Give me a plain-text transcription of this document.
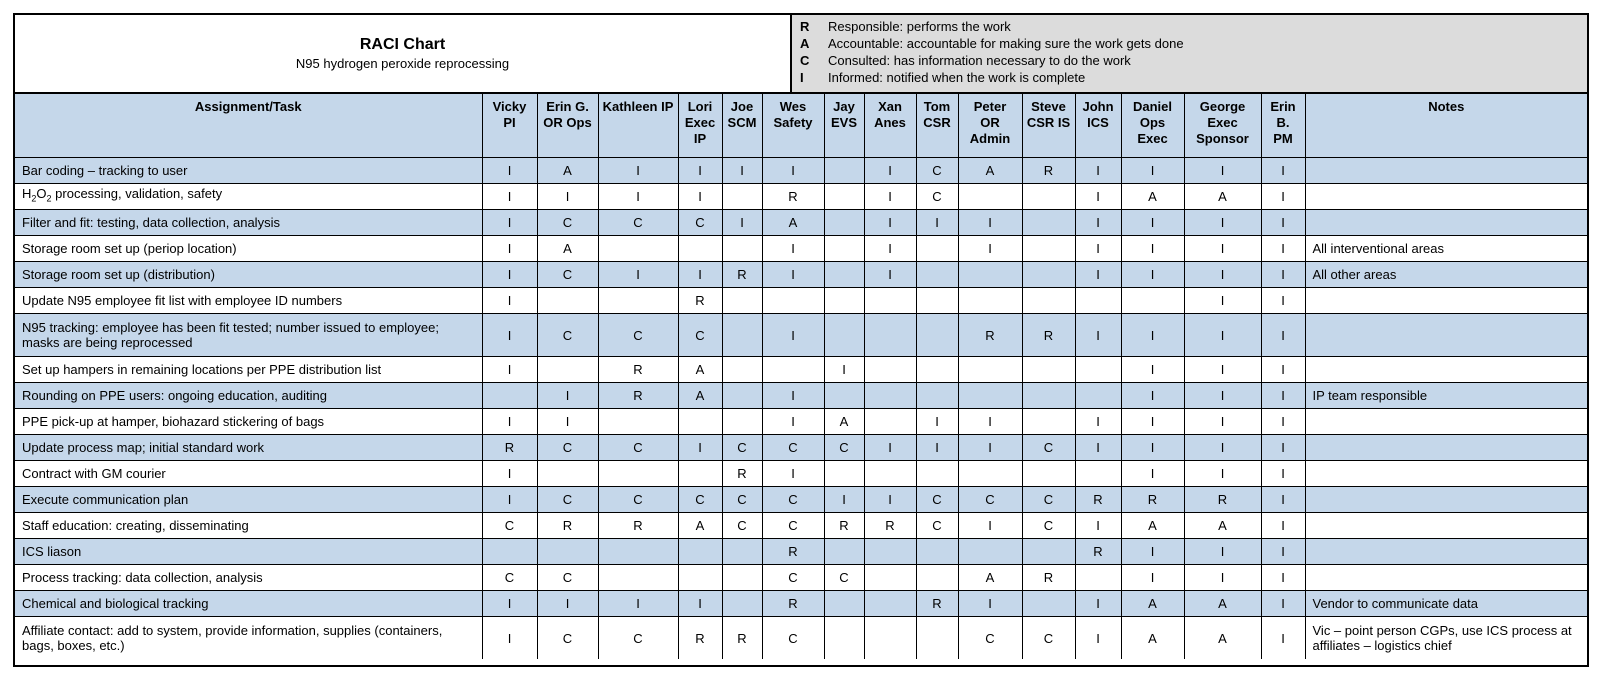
RACI Chart
N95 hydrogen peroxide reprocessing
R	Responsible: performs the work
A	Accountable: accountable for making sure the work gets done
C	Consulted: has information necessary to do the work
I	Informed: notified when the work is complete
Assignment/Task	Vicky PI	Erin G. OR Ops	Kathleen IP	Lori Exec IP	Joe SCM	Wes Safety	Jay EVS	Xan Anes	Tom CSR	Peter OR Admin	Steve CSR IS	John ICS	Daniel Ops Exec	George Exec Sponsor	Erin B. PM	Notes
Bar coding – tracking to user	I	A	I	I	I	I		I	C	A	R	I	I	I	I	
$H_2O_2$ processing, validation, safety	I	I	I	I		R		I	C			I	A	A	I	
Filter and fit: testing, data collection, analysis	I	C	C	C	I	A		I	I	I		I	I	I	I	
Storage room set up (periop location)	I	A				I		I		I		I	I	I	I	All interventional areas
Storage room set up (distribution)	I	C	I	I	R	I		I				I	I	I	I	All other areas
Update N95 employee fit list with employee ID numbers	I			R										I	I	
N95 tracking: employee has been fit tested; number issued to employee; masks are being reprocessed	I	C	C	C		I				R	R	I	I	I	I	
Set up hampers in remaining locations per PPE distribution list	I		R	A			I						I	I	I	
Rounding on PPE users: ongoing education, auditing		I	R	A		I							I	I	I	IP team responsible
PPE pick-up at hamper, biohazard stickering of bags	I	I				I	A		I	I		I	I	I	I	
Update process map; initial standard work	R	C	C	I	C	C	C	I	I	I	C	I	I	I	I	
Contract with GM courier	I				R	I							I	I	I	
Execute communication plan	I	C	C	C	C	C	I	I	C	C	C	R	R	R	I	
Staff education: creating, disseminating	C	R	R	A	C	C	R	R	C	I	C	I	A	A	I	
ICS liason						R						R	I	I	I	
Process tracking: data collection, analysis	C	C				C	C			A	R		I	I	I	
Chemical and biological tracking	I	I	I	I		R			R	I		I	A	A	I	Vendor to communicate data
Affiliate contact: add to system, provide information, supplies (containers, bags, boxes, etc.)	I	C	C	R	R	C				C	C	I	A	A	I	Vic – point person CGPs, use ICS process at affiliates – logistics chief
